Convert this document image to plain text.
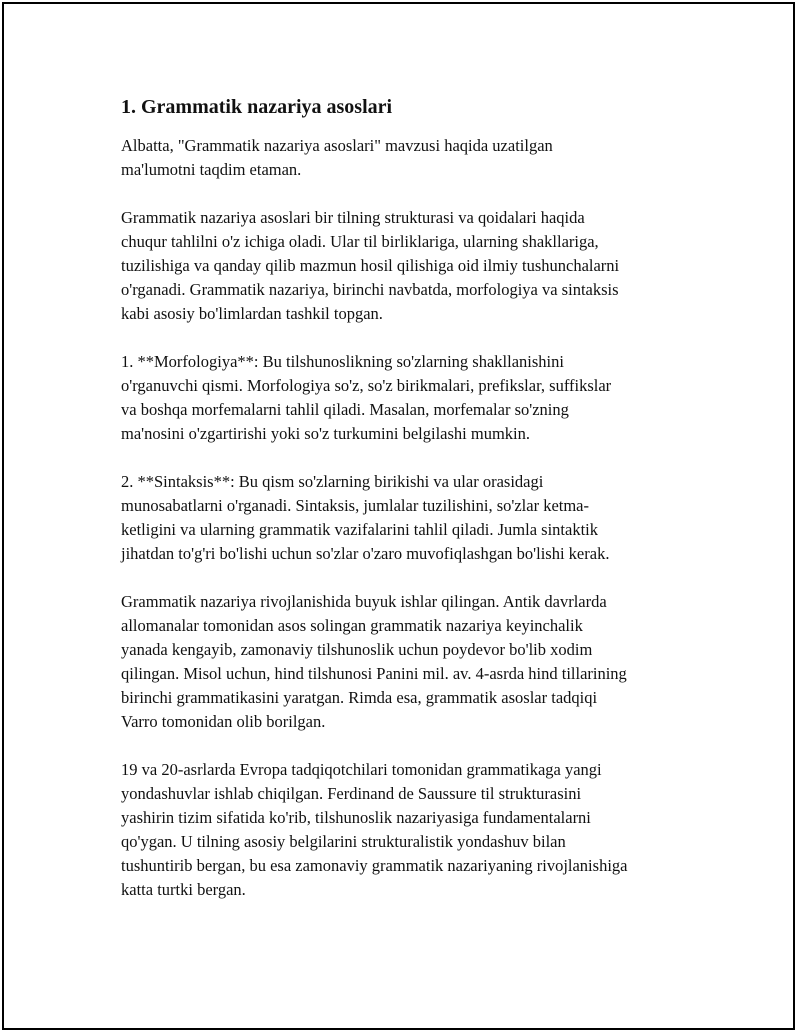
1. Grammatik nazariya asoslari

Albatta, "Grammatik nazariya asoslari" mavzusi haqida uzatilgan
ma'lumotni taqdim etaman.

Grammatik nazariya asoslari bir tilning strukturasi va qoidalari haqida
chuqur tahlilni o'z ichiga oladi. Ular til birliklariga, ularning shakllariga,
tuzilishiga va qanday qilib mazmun hosil qilishiga oid ilmiy tushunchalarni
o'rganadi. Grammatik nazariya, birinchi navbatda, morfologiya va sintaksis
kabi asosiy bo'limlardan tashkil topgan.

1. **Morfologiya**: Bu tilshunoslikning so'zlarning shakllanishini
o'rganuvchi qismi. Morfologiya so'z, so'z birikmalari, prefikslar, suffikslar
va boshqa morfemalarni tahlil qiladi. Masalan, morfemalar so'zning
ma'nosini o'zgartirishi yoki so'z turkumini belgilashi mumkin.

2. **Sintaksis**: Bu qism so'zlarning birikishi va ular orasidagi
munosabatlarni o'rganadi. Sintaksis, jumlalar tuzilishini, so'zlar ketma-
ketligini va ularning grammatik vazifalarini tahlil qiladi. Jumla sintaktik
jihatdan to'g'ri bo'lishi uchun so'zlar o'zaro muvofiqlashgan bo'lishi kerak.

Grammatik nazariya rivojlanishida buyuk ishlar qilingan. Antik davrlarda
allomanalar tomonidan asos solingan grammatik nazariya keyinchalik
yanada kengayib, zamonaviy tilshunoslik uchun poydevor bo'lib xodim
qilingan. Misol uchun, hind tilshunosi Panini mil. av. 4-asrda hind tillarining
birinchi grammatikasini yaratgan. Rimda esa, grammatik asoslar tadqiqi
Varro tomonidan olib borilgan.

19 va 20-asrlarda Evropa tadqiqotchilari tomonidan grammatikaga yangi
yondashuvlar ishlab chiqilgan. Ferdinand de Saussure til strukturasini
yashirin tizim sifatida ko'rib, tilshunoslik nazariyasiga fundamentalarni
qo'ygan. U tilning asosiy belgilarini strukturalistik yondashuv bilan
tushuntirib bergan, bu esa zamonaviy grammatik nazariyaning rivojlanishiga
katta turtki bergan.
